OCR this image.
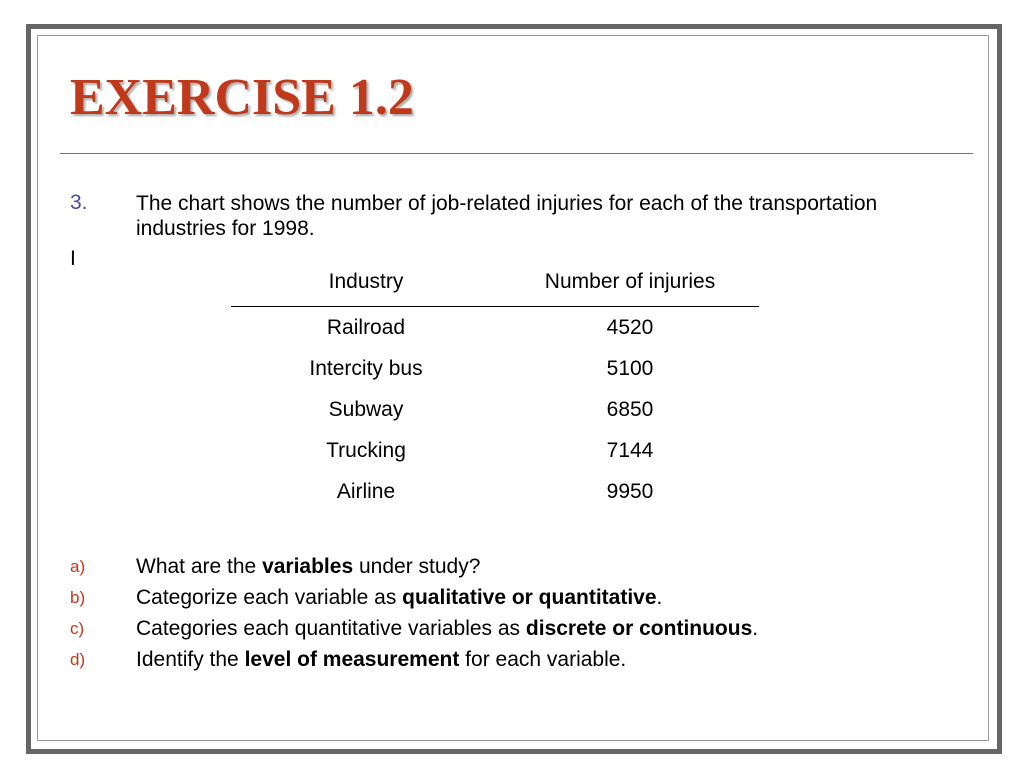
EXERCISE 1.2
3. The chart shows the number of job-related injuries for each of the transportation industries for 1998.
I
Industry	Number of injuries
Railroad	4520
Intercity bus	5100
Subway	6850
Trucking	7144
Airline	9950
a) What are the variables under study?
b) Categorize each variable as qualitative or quantitative.
c) Categories each quantitative variables as discrete or continuous.
d) Identify the level of measurement for each variable.
